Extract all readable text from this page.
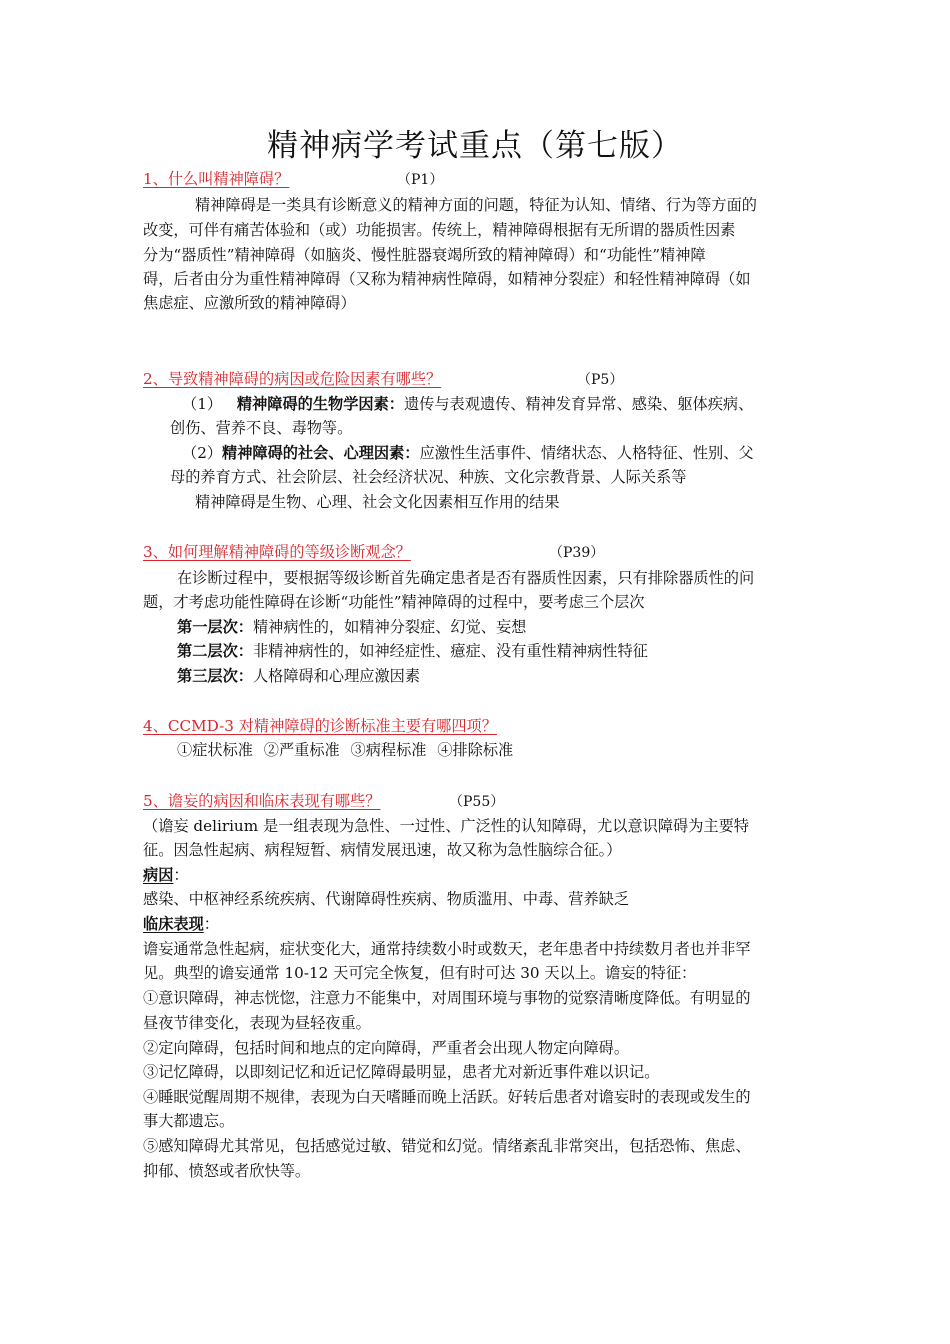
精神病学考试重点（第七版）
1、什么叫精神障碍？	（P1）
精神障碍是一类具有诊断意义的精神方面的问题，特征为认知、情绪、行为等方面的
改变，可伴有痛苦体验和（或）功能损害。传统上，精神障碍根据有无所谓的器质性因素
分为“器质性”精神障碍（如脑炎、慢性脏器衰竭所致的精神障碍）和“功能性”精神障
碍，后者由分为重性精神障碍（又称为精神病性障碍，如精神分裂症）和轻性精神障碍（如
焦虑症、应激所致的精神障碍）
2、导致精神障碍的病因或危险因素有哪些？	（P5）
（1） 精神障碍的生物学因素：遗传与表观遗传、精神发育异常、感染、躯体疾病、
创伤、营养不良、毒物等。
（2）精神障碍的社会、心理因素：应激性生活事件、情绪状态、人格特征、性别、父
母的养育方式、社会阶层、社会经济状况、种族、文化宗教背景、人际关系等
精神障碍是生物、心理、社会文化因素相互作用的结果
3、如何理解精神障碍的等级诊断观念？	（P39）
在诊断过程中，要根据等级诊断首先确定患者是否有器质性因素，只有排除器质性的问
题，才考虑功能性障碍在诊断“功能性”精神障碍的过程中，要考虑三个层次
第一层次：精神病性的，如精神分裂症、幻觉、妄想
第二层次：非精神病性的，如神经症性、癔症、没有重性精神病性特征
第三层次：人格障碍和心理应激因素
4、CCMD-3 对精神障碍的诊断标准主要有哪四项？
①症状标准 ②严重标准 ③病程标准 ④排除标准
5、谵妄的病因和临床表现有哪些？	（P55）
（谵妄 delirium 是一组表现为急性、一过性、广泛性的认知障碍，尤以意识障碍为主要特
征。因急性起病、病程短暂、病情发展迅速，故又称为急性脑综合征。）
病因：
感染、中枢神经系统疾病、代谢障碍性疾病、物质滥用、中毒、营养缺乏
临床表现：
谵妄通常急性起病，症状变化大，通常持续数小时或数天，老年患者中持续数月者也并非罕
见。典型的谵妄通常 10-12 天可完全恢复，但有时可达 30 天以上。谵妄的特征：
①意识障碍，神志恍惚，注意力不能集中，对周围环境与事物的觉察清晰度降低。有明显的
昼夜节律变化，表现为昼轻夜重。
②定向障碍，包括时间和地点的定向障碍，严重者会出现人物定向障碍。
③记忆障碍，以即刻记忆和近记忆障碍最明显，患者尤对新近事件难以识记。
④睡眠觉醒周期不规律，表现为白天嗜睡而晚上活跃。好转后患者对谵妄时的表现或发生的
事大都遗忘。
⑤感知障碍尤其常见，包括感觉过敏、错觉和幻觉。情绪紊乱非常突出，包括恐怖、焦虑、
抑郁、愤怒或者欣快等。
